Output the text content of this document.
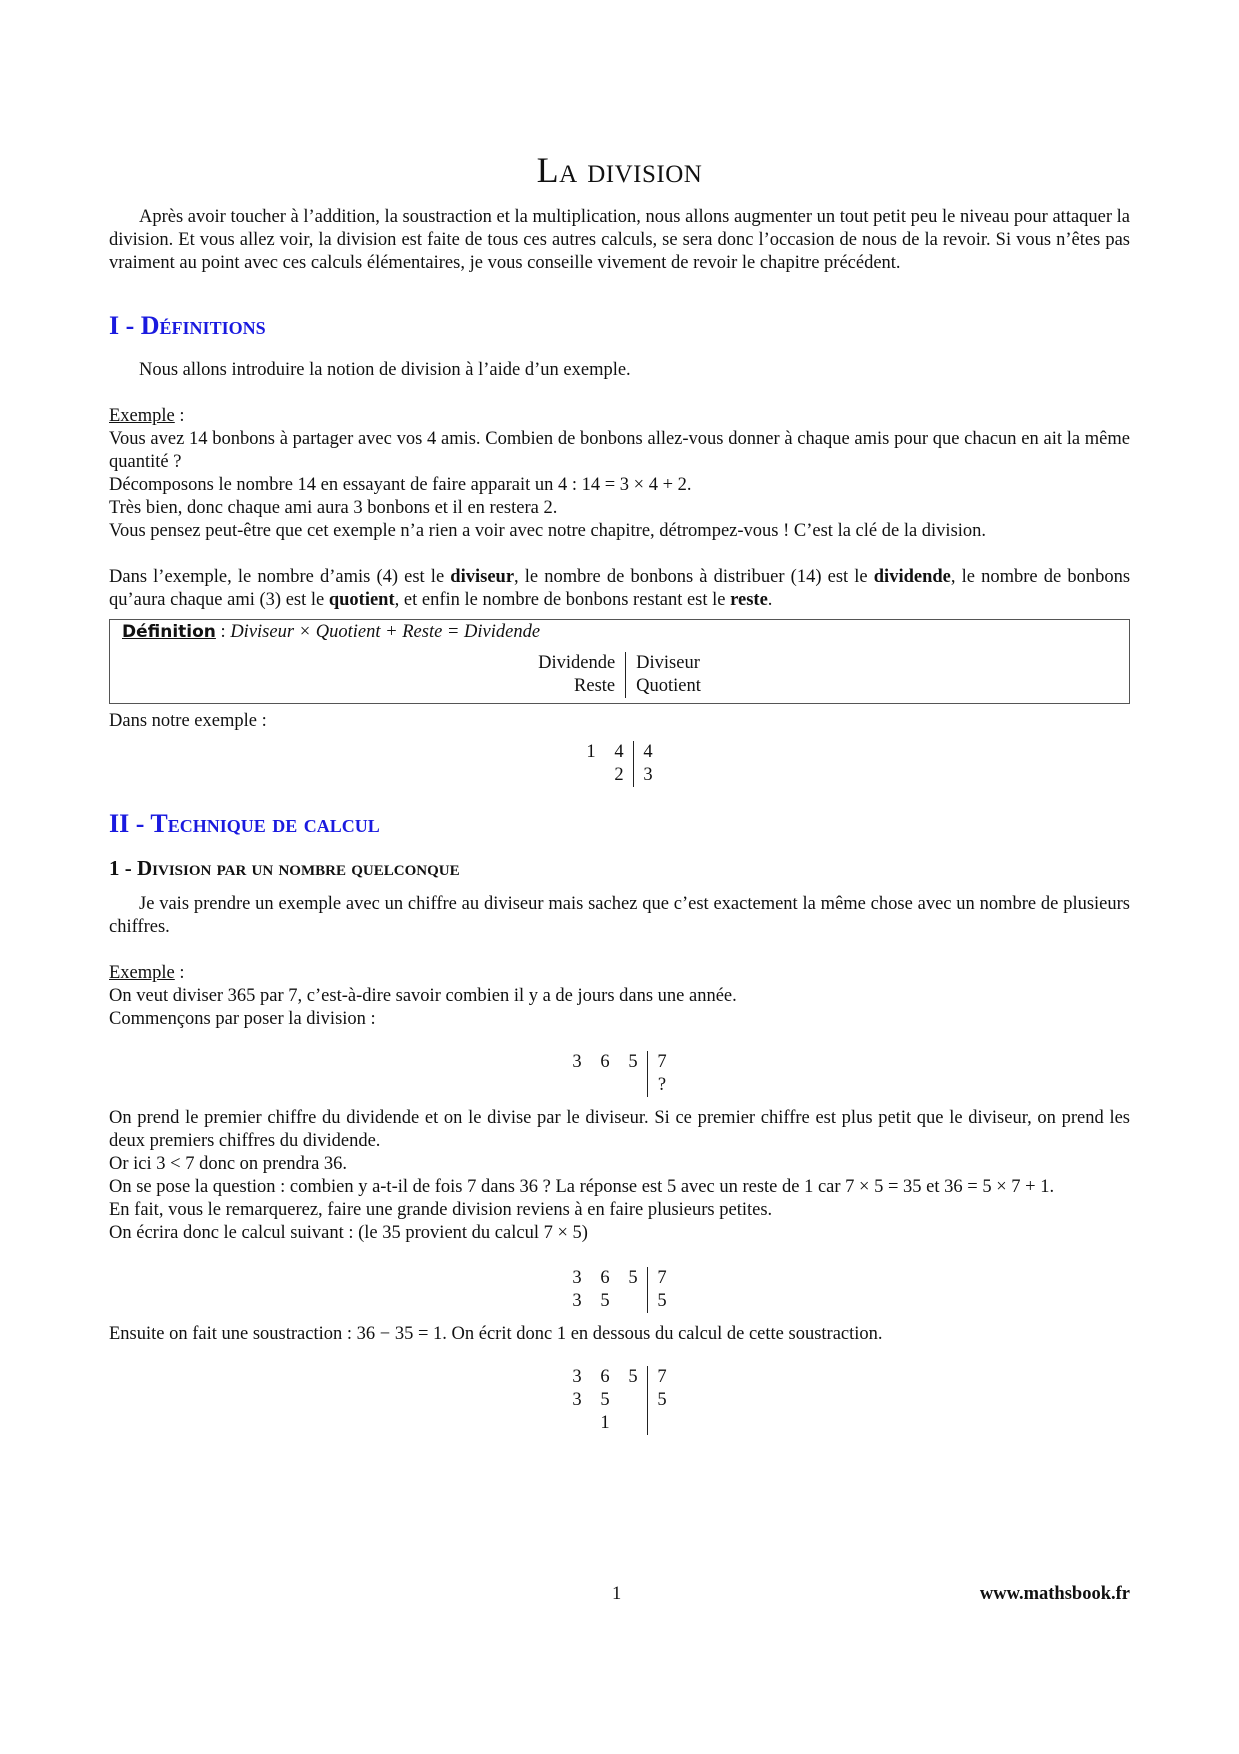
La division

Après avoir toucher à l’addition, la soustraction et la multiplication, nous allons augmenter un tout petit peu le niveau pour attaquer la division. Et vous allez voir, la division est faite de tous ces autres calculs, se sera donc l’occasion de nous de la revoir. Si vous n’êtes pas vraiment au point avec ces calculs élémentaires, je vous conseille vivement de revoir le chapitre précédent.

I - Définitions

Nous allons introduire la notion de division à l’aide d’un exemple.

Exemple :

Vous avez 14 bonbons à partager avec vos 4 amis. Combien de bonbons allez-vous donner à chaque amis pour que chacun en ait la même quantité ?

Décomposons le nombre 14 en essayant de faire apparait un 4 : 14 = 3 × 4 + 2.

Très bien, donc chaque ami aura 3 bonbons et il en restera 2.

Vous pensez peut-être que cet exemple n’a rien a voir avec notre chapitre, détrompez-vous ! C’est la clé de la division.

Dans l’exemple, le nombre d’amis (4) est le diviseur, le nombre de bonbons à distribuer (14) est le dividende, le nombre de bonbons qu’aura chaque ami (3) est le quotient, et enfin le nombre de bonbons restant est le reste.

Définition : Diviseur × Quotient + Reste = Dividende
Dividende	Diviseur
Reste	Quotient

Dans notre exemple :

1	4	4
	2	3
II - Technique de calcul
1 - Division par un nombre quelconque

Je vais prendre un exemple avec un chiffre au diviseur mais sachez que c’est exactement la même chose avec un nombre de plusieurs chiffres.

Exemple :

On veut diviser 365 par 7, c’est-à-dire savoir combien il y a de jours dans une année.

Commençons par poser la division :

3	6	5	7
			?

On prend le premier chiffre du dividende et on le divise par le diviseur. Si ce premier chiffre est plus petit que le diviseur, on prend les deux premiers chiffres du dividende.

Or ici 3 < 7 donc on prendra 36.

On se pose la question : combien y a-t-il de fois 7 dans 36 ? La réponse est 5 avec un reste de 1 car 7 × 5 = 35 et 36 = 5 × 7 + 1.

En fait, vous le remarquerez, faire une grande division reviens à en faire plusieurs petites.

On écrira donc le calcul suivant : (le 35 provient du calcul 7 × 5)

3	6	5	7
3	5		5

Ensuite on fait une soustraction : 36 − 35 = 1. On écrit donc 1 en dessous du calcul de cette soustraction.

3	6	5	7
3	5		5
	1		
1	www.mathsbook.fr
